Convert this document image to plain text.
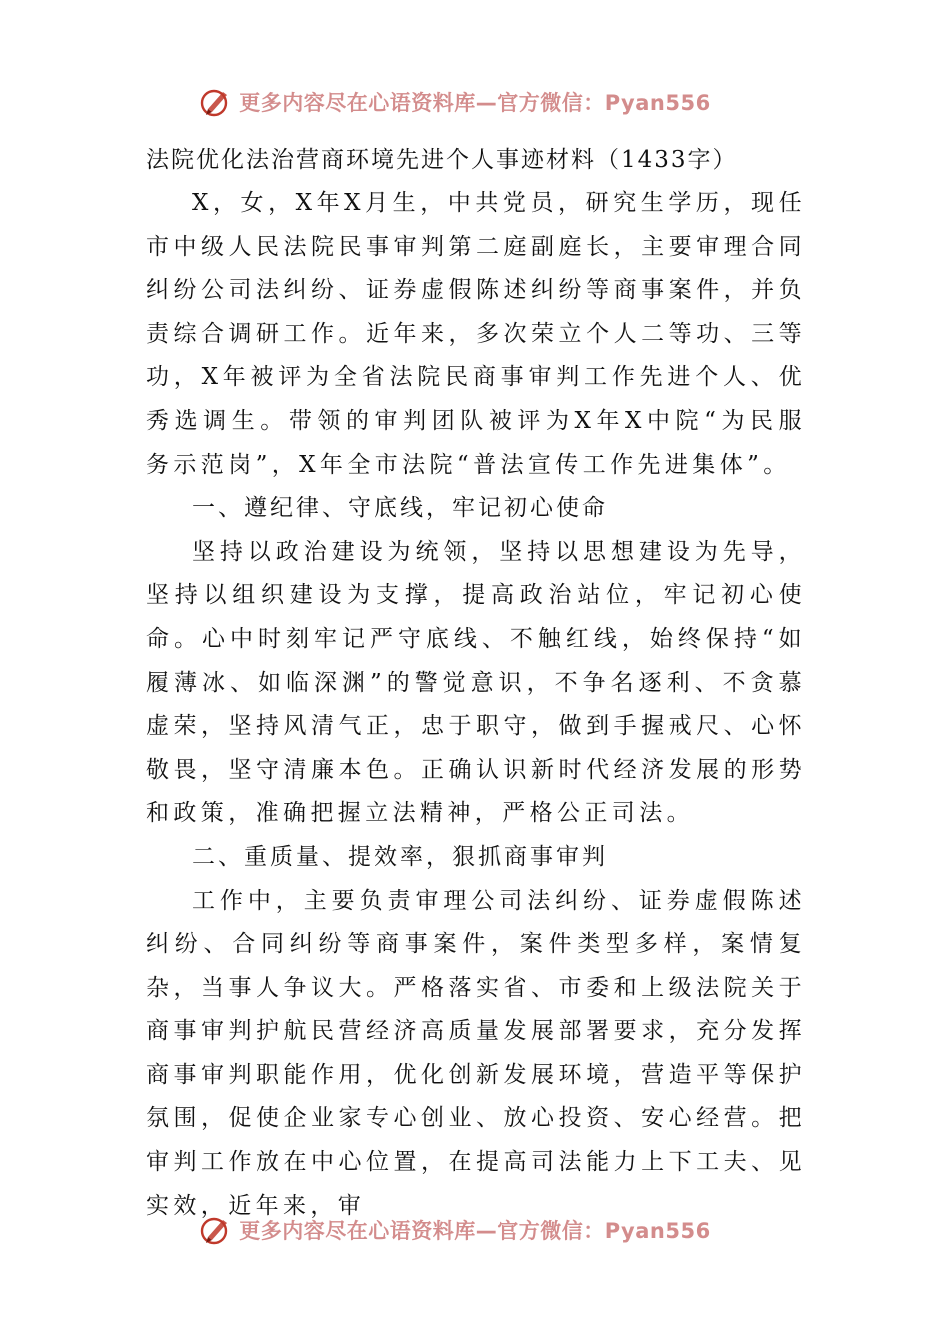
更多内容尽在心语资料库—官方微信：Pyan556

法院优化法治营商环境先进个人事迹材料（1433字）

X，女，X年X月生，中共党员，研究生学历，现任市中级人民法院民事审判第二庭副庭长，主要审理合同纠纷公司法纠纷、证券虚假陈述纠纷等商事案件，并负责综合调研工作。近年来，多次荣立个人二等功、三等功，X年被评为全省法院民商事审判工作先进个人、优秀选调生。带领的审判团队被评为X年X中院“为民服务示范岗”，X年全市法院“普法宣传工作先进集体”。

一、遵纪律、守底线，牢记初心使命

坚持以政治建设为统领，坚持以思想建设为先导，坚持以组织建设为支撑，提高政治站位，牢记初心使命。心中时刻牢记严守底线、不触红线，始终保持“如履薄冰、如临深渊”的警觉意识，不争名逐利、不贪慕虚荣，坚持风清气正，忠于职守，做到手握戒尺、心怀敬畏，坚守清廉本色。正确认识新时代经济发展的形势和政策，准确把握立法精神，严格公正司法。

二、重质量、提效率，狠抓商事审判

工作中，主要负责审理公司法纠纷、证券虚假陈述纠纷、合同纠纷等商事案件，案件类型多样，案情复杂，当事人争议大。严格落实省、市委和上级法院关于商事审判护航民营经济高质量发展部署要求，充分发挥商事审判职能作用，优化创新发展环境，营造平等保护氛围，促使企业家专心创业、放心投资、安心经营。把审判工作放在中心位置，在提高司法能力上下工夫、见实效，近年来，审

更多内容尽在心语资料库—官方微信：Pyan556
